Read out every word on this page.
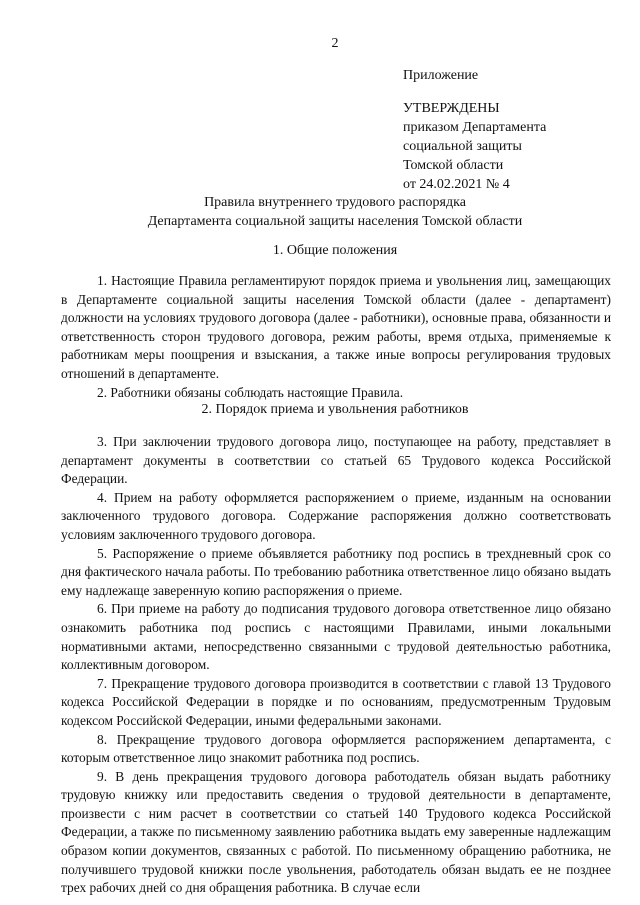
2
Приложение
УТВЕРЖДЕНЫ
приказом Департамента
социальной защиты
Томской области
от 24.02.2021 № 4
Правила внутреннего трудового распорядка
Департамента социальной защиты населения Томской области
1. Общие положения

1. Настоящие Правила регламентируют порядок приема и увольнения лиц, замещающих в Департаменте социальной защиты населения Томской области (далее - департамент) должности на условиях трудового договора (далее - работники), основные права, обязанности и ответственность сторон трудового договора, режим работы, время отдыха, применяемые к работникам меры поощрения и взыскания, а также иные вопросы регулирования трудовых отношений в департаменте.

2. Работники обязаны соблюдать настоящие Правила.

2. Порядок приема и увольнения работников

3. При заключении трудового договора лицо, поступающее на работу, представляет в департамент документы в соответствии со статьей 65 Трудового кодекса Российской Федерации.

4. Прием на работу оформляется распоряжением о приеме, изданным на основании заключенного трудового договора. Содержание распоряжения должно соответствовать условиям заключенного трудового договора.

5. Распоряжение о приеме объявляется работнику под роспись в трехдневный срок со дня фактического начала работы. По требованию работника ответственное лицо обязано выдать ему надлежаще заверенную копию распоряжения о приеме.

6. При приеме на работу до подписания трудового договора ответственное лицо обязано ознакомить работника под роспись с настоящими Правилами, иными локальными нормативными актами, непосредственно связанными с трудовой деятельностью работника, коллективным договором.

7. Прекращение трудового договора производится в соответствии с главой 13 Трудового кодекса Российской Федерации в порядке и по основаниям, предусмотренным Трудовым кодексом Российской Федерации, иными федеральными законами.

8. Прекращение трудового договора оформляется распоряжением департамента, с которым ответственное лицо знакомит работника под роспись.

9. В день прекращения трудового договора работодатель обязан выдать работнику трудовую книжку или предоставить сведения о трудовой деятельности в департаменте, произвести с ним расчет в соответствии со статьей 140 Трудового кодекса Российской Федерации, а также по письменному заявлению работника выдать ему заверенные надлежащим образом копии документов, связанных с работой. По письменному обращению работника, не получившего трудовой книжки после увольнения, работодатель обязан выдать ее не позднее трех рабочих дней со дня обращения работника. В случае если
